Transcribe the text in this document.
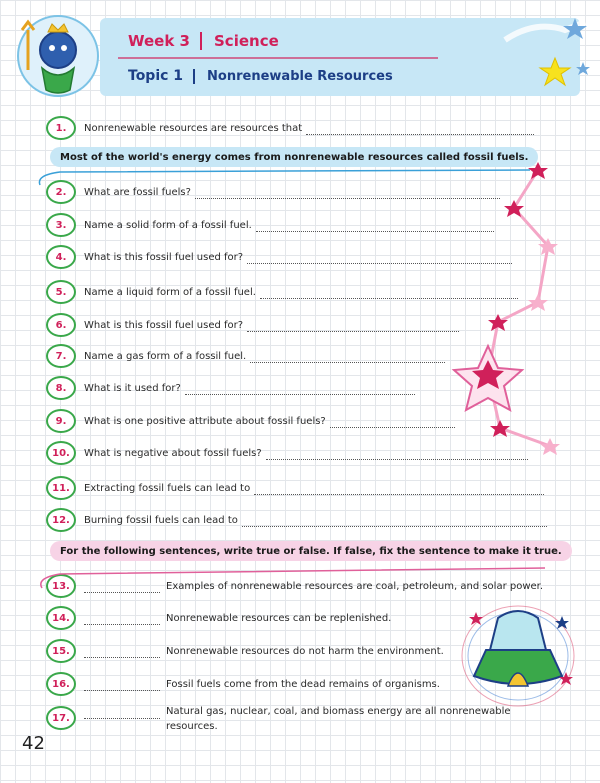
Week 3	Science
Topic 1	Nonrenewable Resources
1.	Nonrenewable resources are resources that
Most of the world's energy comes from nonrenewable resources called fossil fuels.
2.	What are fossil fuels?
3.	Name a solid form of a fossil fuel.
4.	What is this fossil fuel used for?
5.	Name a liquid form of a fossil fuel.
6.	What is this fossil fuel used for?
7.	Name a gas form of a fossil fuel.
8.	What is it used for?
9.	What is one positive attribute about fossil fuels?
10.	What is negative about fossil fuels?
11.	Extracting fossil fuels can lead to
12.	Burning fossil fuels can lead to
For the following sentences, write true or false. If false, fix the sentence to make it true.
13.	Examples of nonrenewable resources are coal, petroleum, and solar power.
14.	Nonrenewable resources can be replenished.
15.	Nonrenewable resources do not harm the environment.
16.	Fossil fuels come from the dead remains of organisms.
17.
Natural gas, nuclear, coal, and biomass energy are all nonrenewable resources.
42
